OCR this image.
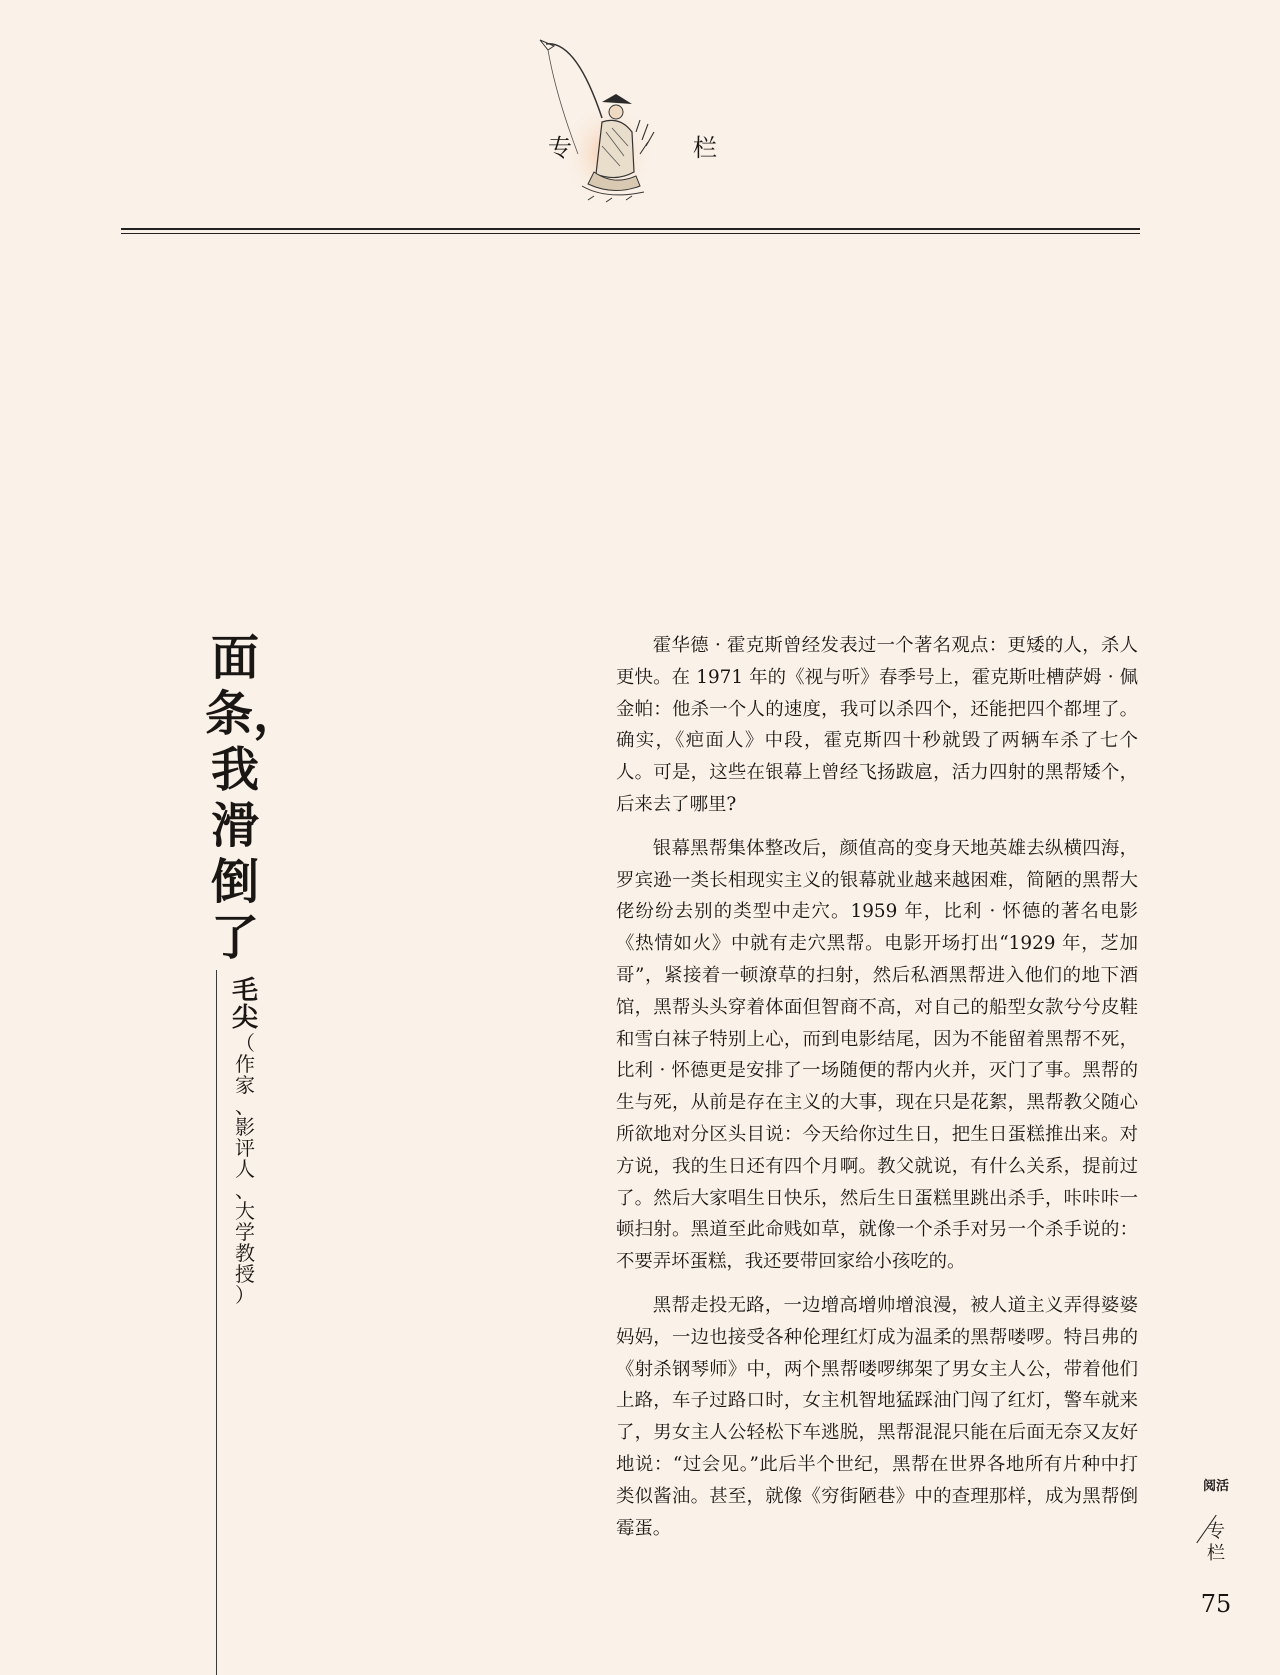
专	栏
面
条，
我
滑
倒
了
毛
尖
（
作
家
、
影
评
人
、
大
学
教
授
）

霍华德 · 霍克斯曾经发表过一个著名观点：更矮的人，杀人更快。在 1971 年的《视与听》春季号上，霍克斯吐槽萨姆 · 佩金帕：他杀一个人的速度，我可以杀四个，还能把四个都埋了。确实，《疤面人》中段，霍克斯四十秒就毁了两辆车杀了七个人。可是，这些在银幕上曾经飞扬跋扈，活力四射的黑帮矮个，后来去了哪里?

银幕黑帮集体整改后，颜值高的变身天地英雄去纵横四海，罗宾逊一类长相现实主义的银幕就业越来越困难，简陋的黑帮大佬纷纷去别的类型中走穴。1959 年，比利 · 怀德的著名电影《热情如火》中就有走穴黑帮。电影开场打出“1929 年，芝加哥”，紧接着一顿潦草的扫射，然后私酒黑帮进入他们的地下酒馆，黑帮头头穿着体面但智商不高，对自己的船型女款兮兮皮鞋和雪白袜子特别上心，而到电影结尾，因为不能留着黑帮不死，比利 · 怀德更是安排了一场随便的帮内火并，灭门了事。黑帮的生与死，从前是存在主义的大事，现在只是花絮，黑帮教父随心所欲地对分区头目说：今天给你过生日，把生日蛋糕推出来。对方说，我的生日还有四个月啊。教父就说，有什么关系，提前过了。然后大家唱生日快乐，然后生日蛋糕里跳出杀手，咔咔咔一顿扫射。黑道至此命贱如草，就像一个杀手对另一个杀手说的：不要弄坏蛋糕，我还要带回家给小孩吃的。

黑帮走投无路，一边增高增帅增浪漫，被人道主义弄得婆婆妈妈，一边也接受各种伦理红灯成为温柔的黑帮喽啰。特吕弗的《射杀钢琴师》中，两个黑帮喽啰绑架了男女主人公，带着他们上路，车子过路口时，女主机智地猛踩油门闯了红灯，警车就来了，男女主人公轻松下车逃脱，黑帮混混只能在后面无奈又友好地说：“过会见。”此后半个世纪，黑帮在世界各地所有片种中打类似酱油。甚至，就像《穷街陋巷》中的查理那样，成为黑帮倒霉蛋。

阅活
专
栏
75
